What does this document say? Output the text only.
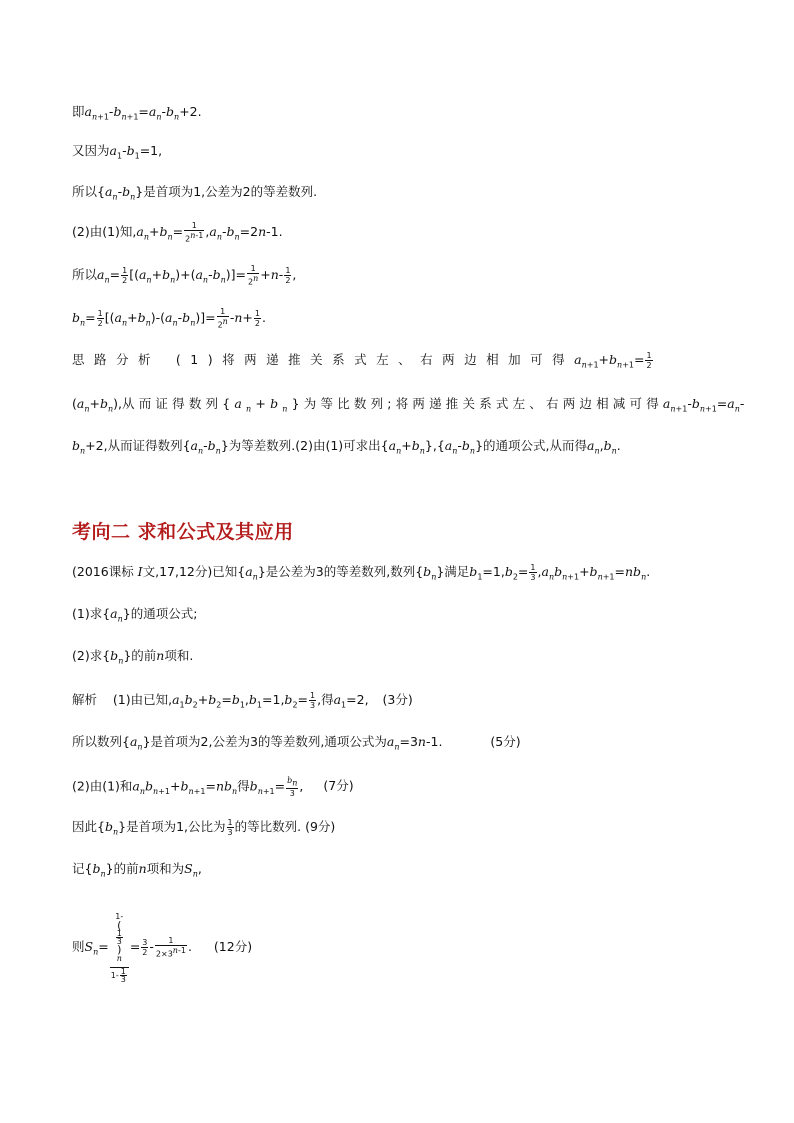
即$a_{n+1}-b_{n+1}=a_n-b_n+2$.
又因为$a_1-b_1=1$,
所以$\{a_n-b_n\}$是首项为1,公差为2的等差数列.
(2)由(1)知$,a_n+b_n= \frac{1}{2^{n-1}} ,a_n-b_n=2n-1$.
所以$a_n= \frac{1}{2} [(a_n+b_n)+(a_n-b_n)]= \frac{1}{2^n} +n- \frac{1}{2}$ ,
$b_n= \frac{1}{2} [(a_n+b_n)-(a_n-b_n)]= \frac{1}{2^n} -n+ \frac{1}{2}$ .
思路分析 (1)将两递推关系式左、右两边相加可得$a_{n+1}+b_{n+1}= \frac{1}{2}$
$(a_n+b_n)$,从而证得数列$\{a_n+b_n\}$为等比数列;将两递推关系式左、右两边相减可得$a_{n+1}-b_{n+1}=a_n-$
$b_n+2$,从而证得数列$\{a_n-b_n\}$为等差数列.(2)由(1)可求出$\{a_n+b_n\},\{a_n-b_n\}$的通项公式,从而得$a_n,b_n$.
考向二 求和公式及其应用
(2016课标 I文,17,12分)已知$\{a_n\}$是公差为3的等差数列,数列$\{b_n\}$满足$b_1=1,b_2= \frac{1}{3} ,a_nb_{n+1}+b_{n+1}=nb_n$.
(1)求$\{a_n\}$的通项公式;
(2)求$\{b_n\}$的前n项和.
解析    (1)由已知$,a_1b_2+b_2=b_1,b_1=1,b_2= \frac{1}{3}$ ,得$a_1=2$, (3分)
所以数列$\{a_n\}$是首项为2,公差为3的等差数列,通项公式为$a_n=3n-1$.	(5分)
(2)由(1)和$a_nb_{n+1}+b_{n+1}=nb_n$得$b_{n+1}= \frac{b_n}{3}$ , (7分)
因此$\{b_n\}$是首项为1,公比为 $\frac{1}{3}$ 的等比数列. (9分)
记$\{b_n\}$的前n项和为$S_n$,
则$S_n= 1-$
(
$\frac{1}{3}$
)
$^n$
$1- \frac{1}{3} = \frac{3}{2} - \frac{1}{2\times 3^{n-1}}$ . (12分)
